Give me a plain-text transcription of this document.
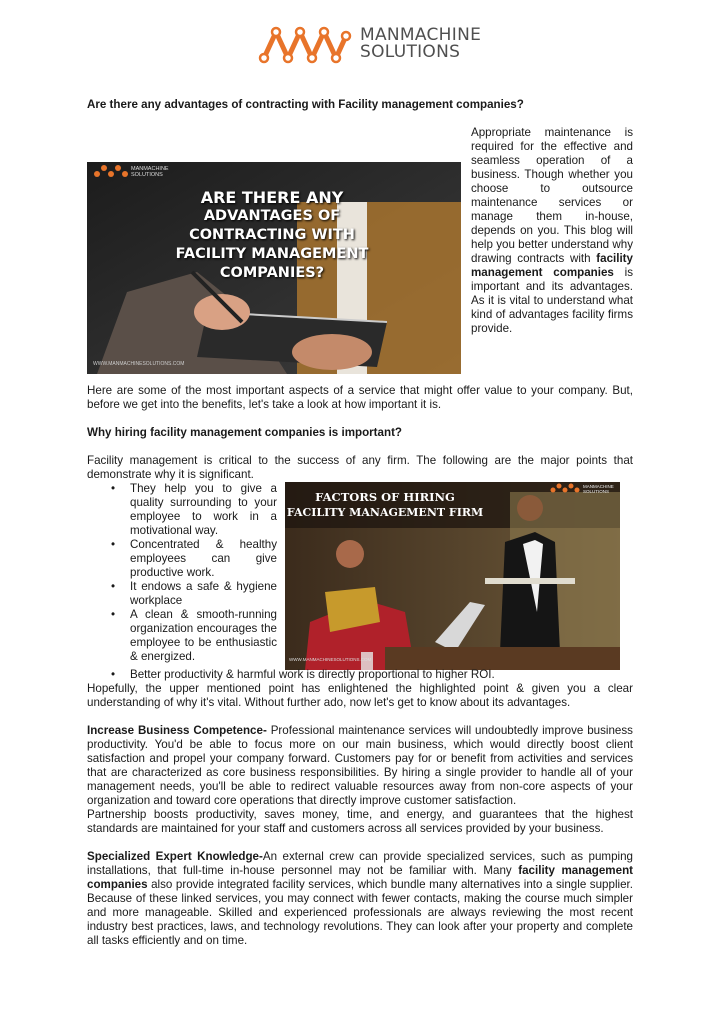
MANMACHINE
SOLUTIONS

Are there any advantages of contracting with Facility management companies?

MANMACHINE
SOLUTIONS
ARE THERE ANY
ADVANTAGES OF CONTRACTING WITH
FACILITY MANAGEMENT COMPANIES?
WWW.MANMACHINESOLUTIONS.COM

Appropriate maintenance is required for the effective and seamless operation of a business. Though whether you choose to outsource maintenance services or manage them in-house, depends on you. This blog will help you better understand why drawing contracts with facility management companies is important and its advantages. As it is vital to understand what kind of advantages facility firms provide.

Here are some of the most important aspects of a service that might offer value to your company. But, before we get into the benefits, let's take a look at how important it is.

Why hiring facility management companies is important?

Facility management is critical to the success of any firm. The following are the major points that demonstrate why it is significant.

• They help you to give a quality surrounding to your employee to work in a motivational way.
• Concentrated & healthy employees can give productive work.
• It endows a safe & hygiene workplace
• A clean & smooth-running organization encourages the employee to be enthusiastic & energized.
FACTORS OF HIRING
FACILITY MANAGEMENT FIRM
MANMACHINE
SOLUTIONS
WWW.MANMACHINESOLUTIONS.COM
• Better productivity & harmful work is directly proportional to higher ROI.

Hopefully, the upper mentioned point has enlightened the highlighted point & given you a clear understanding of why it's vital. Without further ado, now let's get to know about its advantages.

Increase Business Competence- Professional maintenance services will undoubtedly improve business productivity. You'd be able to focus more on our main business, which would directly boost client satisfaction and propel your company forward. Customers pay for or benefit from activities and services that are characterized as core business responsibilities. By hiring a single provider to handle all of your management needs, you'll be able to redirect valuable resources away from non-core aspects of your organization and toward core operations that directly improve customer satisfaction.

Partnership boosts productivity, saves money, time, and energy, and guarantees that the highest standards are maintained for your staff and customers across all services provided by your business.

Specialized Expert Knowledge-An external crew can provide specialized services, such as pumping installations, that full-time in-house personnel may not be familiar with. Many facility management companies also provide integrated facility services, which bundle many alternatives into a single supplier. Because of these linked services, you may connect with fewer contacts, making the course much simpler and more manageable. Skilled and experienced professionals are always reviewing the most recent industry best practices, laws, and technology revolutions. They can look after your property and complete all tasks efficiently and on time.
